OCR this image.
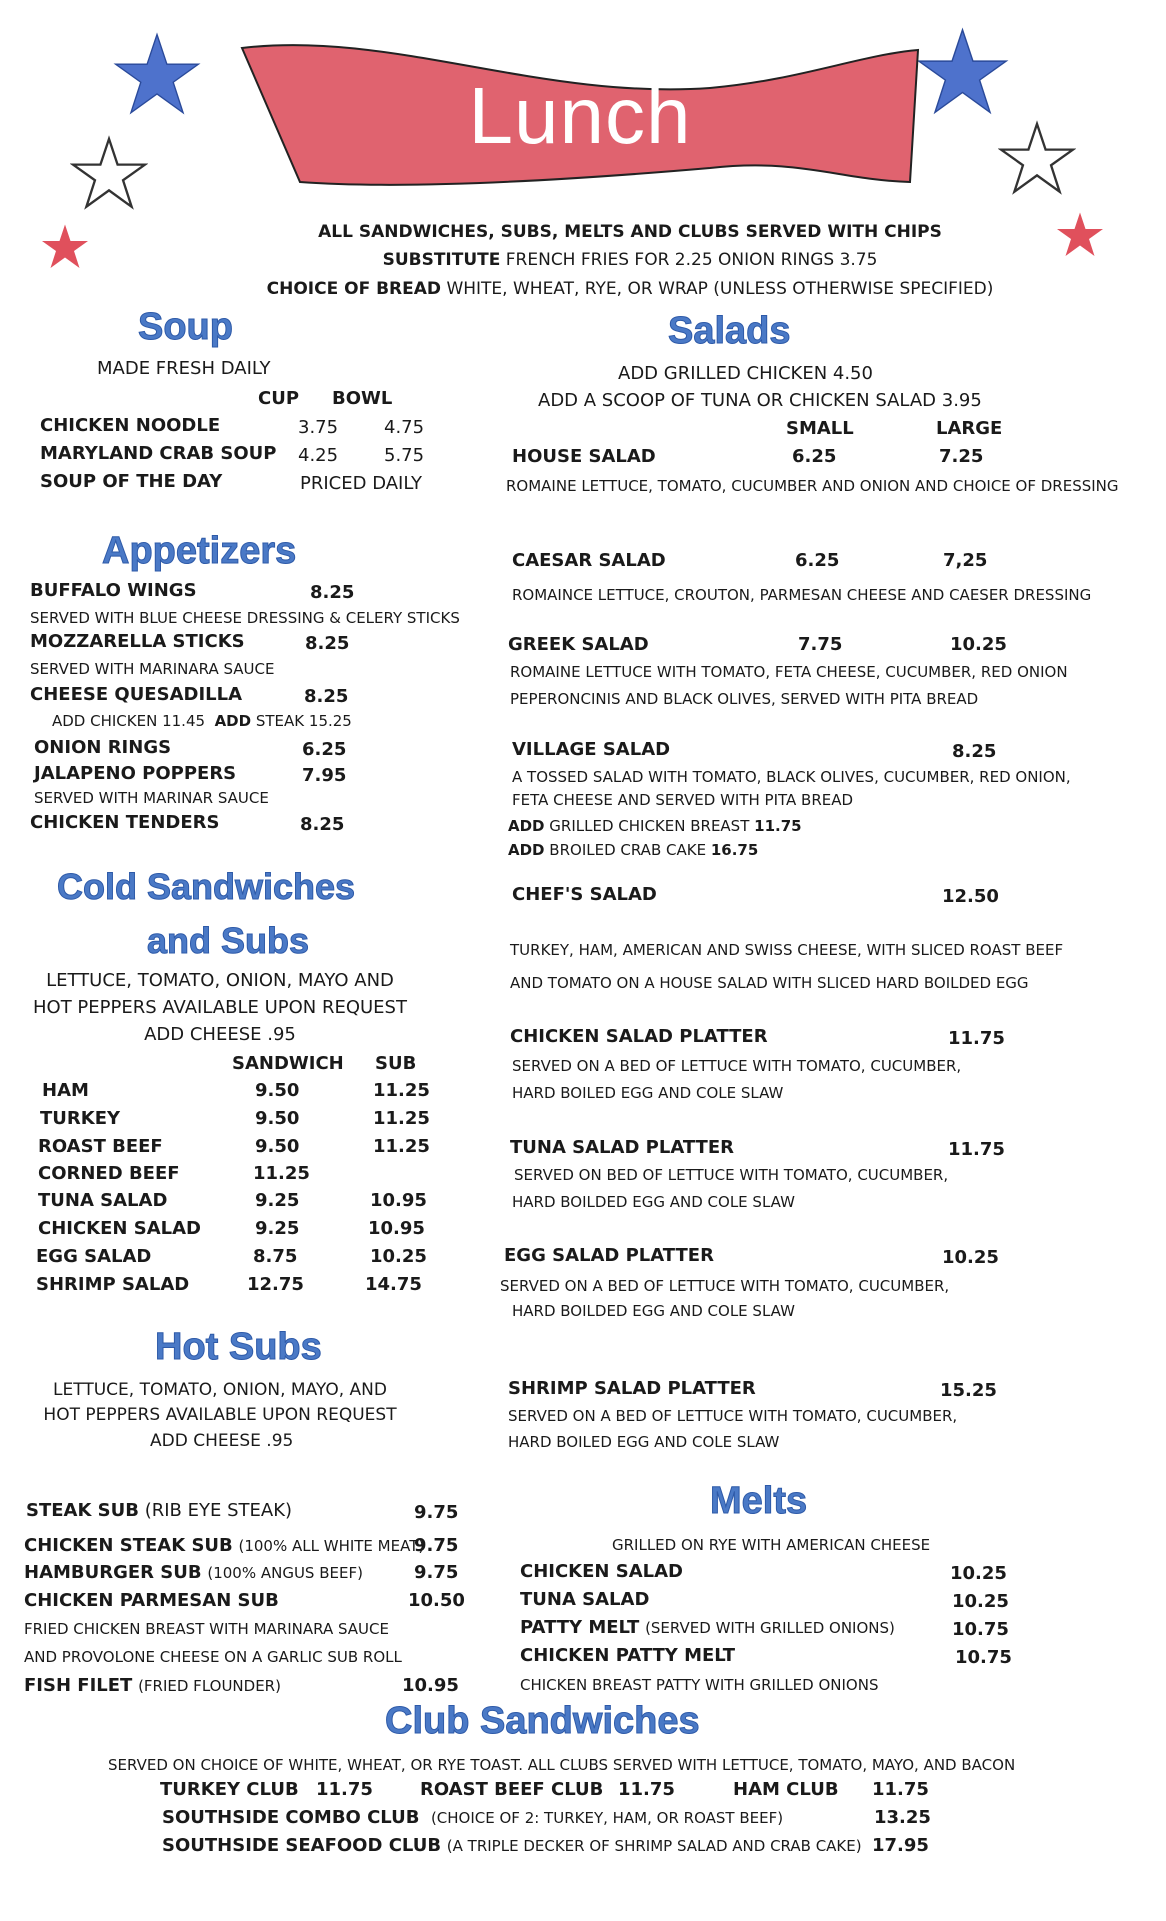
Lunch
ALL SANDWICHES, SUBS, MELTS AND CLUBS SERVED WITH CHIPS
SUBSTITUTE FRENCH FRIES FOR 2.25 ONION RINGS 3.75
CHOICE OF BREAD WHITE, WHEAT, RYE, OR WRAP (UNLESS OTHERWISE SPECIFIED)
Soup
MADE FRESH DAILY
CUP BOWL
CHICKEN NOODLE	3.75	4.75
MARYLAND CRAB SOUP 4.25	5.75
SOUP OF THE DAY	PRICED DAILY
Appetizers
BUFFALO WINGS	8.25
SERVED WITH BLUE CHEESE DRESSING & CELERY STICKS
MOZZARELLA STICKS	8.25
SERVED WITH MARINARA SAUCE
CHEESE QUESADILLA	8.25
ADD CHICKEN 11.45 ADD STEAK 15.25
ONION RINGS	6.25
JALAPENO POPPERS	7.95
SERVED WITH MARINAR SAUCE
CHICKEN TENDERS	8.25
Cold Sandwiches
and Subs
LETTUCE, TOMATO, ONION, MAYO AND
HOT PEPPERS AVAILABLE UPON REQUEST
ADD CHEESE .95
SANDWICH SUB
HAM	9.50	11.25
TURKEY	9.50	11.25
ROAST BEEF	9.50	11.25
CORNED BEEF	11.25
TUNA SALAD	9.25	10.95
CHICKEN SALAD	9.25	10.95
EGG SALAD	8.75	10.25
SHRIMP SALAD	12.75	14.75
Hot Subs
LETTUCE, TOMATO, ONION, MAYO, AND
HOT PEPPERS AVAILABLE UPON REQUEST
ADD CHEESE .95
STEAK SUB (RIB EYE STEAK)	9.75
CHICKEN STEAK SUB (100% ALL WHITE MEAT)
9.75
HAMBURGER SUB (100% ANGUS BEEF)	9.75
CHICKEN PARMESAN SUB	10.50
FRIED CHICKEN BREAST WITH MARINARA SAUCE
AND PROVOLONE CHEESE ON A GARLIC SUB ROLL
FISH FILET (FRIED FLOUNDER)	10.95
Salads
ADD GRILLED CHICKEN 4.50
ADD A SCOOP OF TUNA OR CHICKEN SALAD 3.95
SMALL	LARGE
HOUSE SALAD	6.25	7.25
ROMAINE LETTUCE, TOMATO, CUCUMBER AND ONION AND CHOICE OF DRESSING
CAESAR SALAD	6.25	7,25
ROMAINCE LETTUCE, CROUTON, PARMESAN CHEESE AND CAESER DRESSING
GREEK SALAD	7.75	10.25
ROMAINE LETTUCE WITH TOMATO, FETA CHEESE, CUCUMBER, RED ONION
PEPERONCINIS AND BLACK OLIVES, SERVED WITH PITA BREAD
VILLAGE SALAD	8.25
A TOSSED SALAD WITH TOMATO, BLACK OLIVES, CUCUMBER, RED ONION,
FETA CHEESE AND SERVED WITH PITA BREAD
ADD GRILLED CHICKEN BREAST 11.75
ADD BROILED CRAB CAKE 16.75
CHEF'S SALAD	12.50
TURKEY, HAM, AMERICAN AND SWISS CHEESE, WITH SLICED ROAST BEEF
AND TOMATO ON A HOUSE SALAD WITH SLICED HARD BOILDED EGG
CHICKEN SALAD PLATTER	11.75
SERVED ON A BED OF LETTUCE WITH TOMATO, CUCUMBER,
HARD BOILED EGG AND COLE SLAW
TUNA SALAD PLATTER	11.75
SERVED ON BED OF LETTUCE WITH TOMATO, CUCUMBER,
HARD BOILDED EGG AND COLE SLAW
EGG SALAD PLATTER	10.25
SERVED ON A BED OF LETTUCE WITH TOMATO, CUCUMBER,
HARD BOILDED EGG AND COLE SLAW
SHRIMP SALAD PLATTER	15.25
SERVED ON A BED OF LETTUCE WITH TOMATO, CUCUMBER,
HARD BOILED EGG AND COLE SLAW
Melts
GRILLED ON RYE WITH AMERICAN CHEESE
CHICKEN SALAD	10.25
TUNA SALAD	10.25
PATTY MELT (SERVED WITH GRILLED ONIONS)	10.75
CHICKEN PATTY MELT	10.75
CHICKEN BREAST PATTY WITH GRILLED ONIONS
Club Sandwiches
SERVED ON CHOICE OF WHITE, WHEAT, OR RYE TOAST. ALL CLUBS SERVED WITH LETTUCE, TOMATO, MAYO, AND BACON
TURKEY CLUB 11.75	ROAST BEEF CLUB 11.75	HAM CLUB 11.75
SOUTHSIDE COMBO CLUB (CHOICE OF 2: TURKEY, HAM, OR ROAST BEEF)	13.25
SOUTHSIDE SEAFOOD CLUB (A TRIPLE DECKER OF SHRIMP SALAD AND CRAB CAKE) 17.95
